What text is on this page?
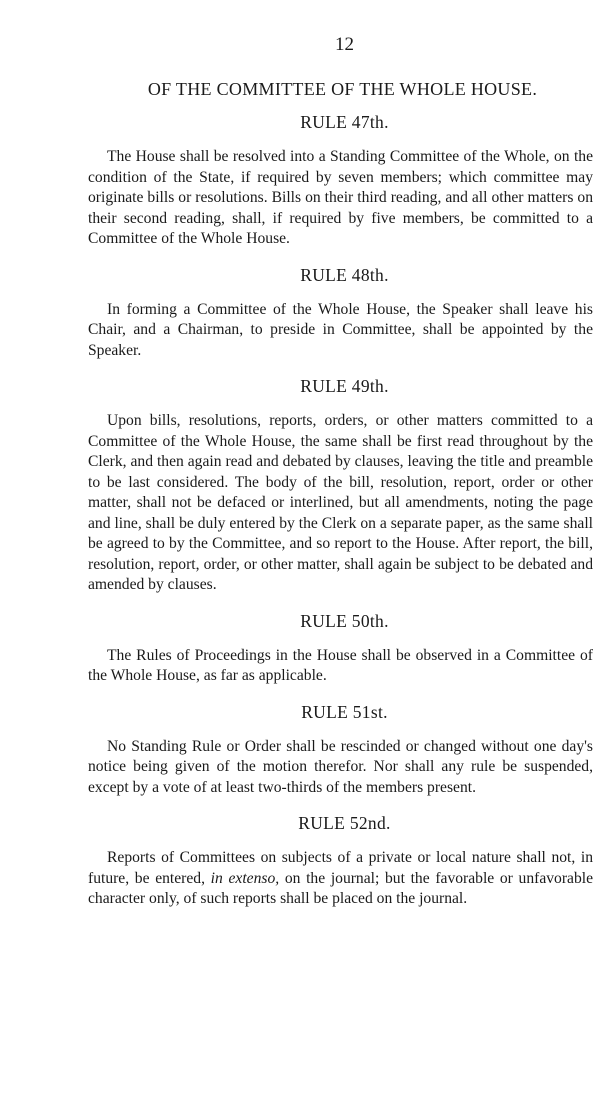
12
OF THE COMMITTEE OF THE WHOLE HOUSE.
RULE 47th.

The House shall be resolved into a Standing Committee of the Whole, on the condition of the State, if required by seven members; which committee may originate bills or resolutions. Bills on their third reading, and all other matters on their second reading, shall, if required by five members, be committed to a Committee of the Whole House.

RULE 48th.

In forming a Committee of the Whole House, the Speaker shall leave his Chair, and a Chairman, to preside in Committee, shall be appointed by the Speaker.

RULE 49th.

Upon bills, resolutions, reports, orders, or other matters committed to a Committee of the Whole House, the same shall be first read throughout by the Clerk, and then again read and debated by clauses, leaving the title and preamble to be last considered. The body of the bill, resolution, report, order or other matter, shall not be defaced or interlined, but all amendments, noting the page and line, shall be duly entered by the Clerk on a separate paper, as the same shall be agreed to by the Committee, and so report to the House. After report, the bill, resolution, report, order, or other matter, shall again be subject to be debated and amended by clauses.

RULE 50th.

The Rules of Proceedings in the House shall be observed in a Committee of the Whole House, as far as applicable.

RULE 51st.

No Standing Rule or Order shall be rescinded or changed without one day's notice being given of the motion therefor. Nor shall any rule be suspended, except by a vote of at least two-thirds of the members present.

RULE 52nd.

Reports of Committees on subjects of a private or local nature shall not, in future, be entered, in extenso, on the journal; but the favorable or unfavorable character only, of such reports shall be placed on the journal.
